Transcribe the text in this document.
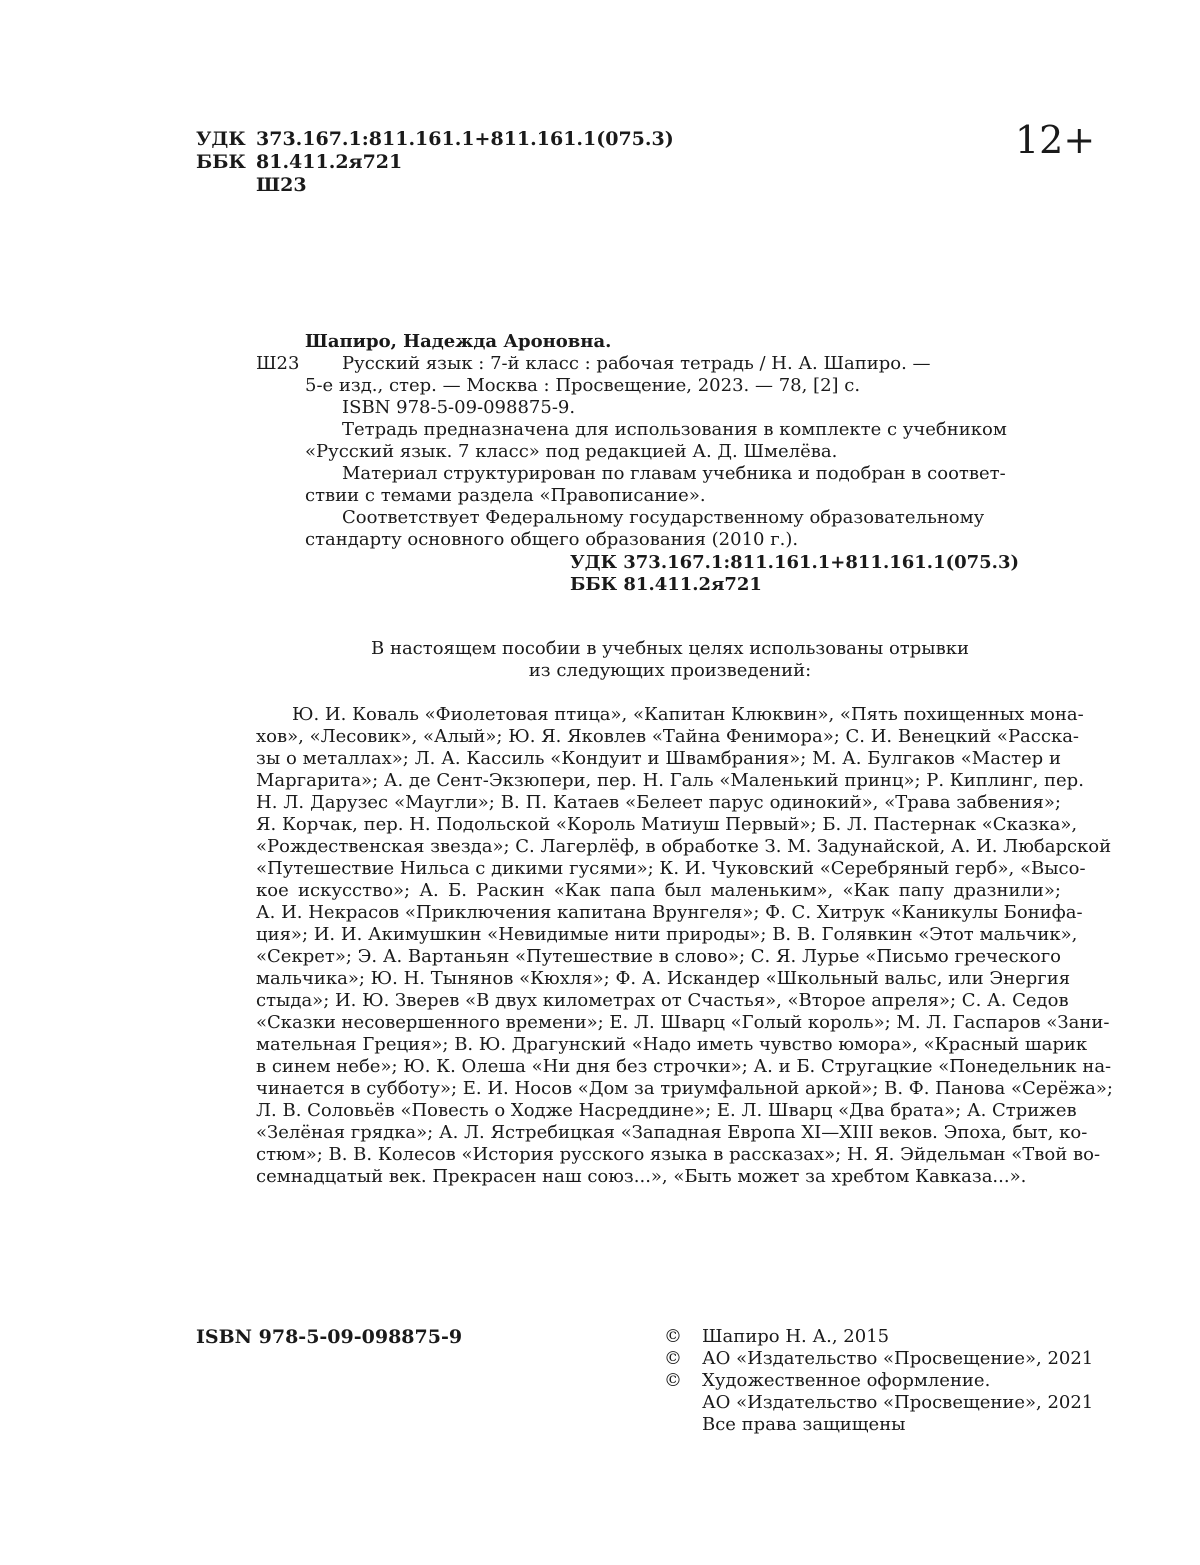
УДК 373.167.1:811.161.1+811.161.1(075.3)
ББК 81.411.2я721
Ш23
12+
Шапиро, Надежда Ароновна.
Ш23 Русский язык : 7-й класс : рабочая тетрадь / Н. А. Шапиро. —
5-е изд., стер. — Москва : Просвещение, 2023. — 78, [2] с.
ISBN 978-5-09-098875-9.
Тетрадь предназначена для использования в комплекте с учебником
«Русский язык. 7 класс» под редакцией А. Д. Шмелёва.
Материал структурирован по главам учебника и подобран в соответ-
ствии с темами раздела «Правописание».
Соответствует Федеральному государственному образовательному
стандарту основного общего образования (2010 г.).
УДК 373.167.1:811.161.1+811.161.1(075.3)
ББК 81.411.2я721
В настоящем пособии в учебных целях использованы отрывки
из следующих произведений:
Ю. И. Коваль «Фиолетовая птица», «Капитан Клюквин», «Пять похищенных мона-
хов», «Лесовик», «Алый»; Ю. Я. Яковлев «Тайна Фенимора»; С. И. Венецкий «Расска-
зы о металлах»; Л. А. Кассиль «Кондуит и Швамбрания»; М. А. Булгаков «Мастер и
Маргарита»; А. де Сент-Экзюпери, пер. Н. Галь «Маленький принц»; Р. Киплинг, пер.
Н. Л. Дарузес «Маугли»; В. П. Катаев «Белеет парус одинокий», «Трава забвения»;
Я. Корчак, пер. Н. Подольской «Король Матиуш Первый»; Б. Л. Пастернак «Сказка»,
«Рождественская звезда»; С. Лагерлёф, в обработке З. М. Задунайской, А. И. Любарской
«Путешествие Нильса с дикими гусями»; К. И. Чуковский «Серебряный герб», «Высо-
кое искусство»; А. Б. Раскин «Как папа был маленьким», «Как папу дразнили»;
А. И. Некрасов «Приключения капитана Врунгеля»; Ф. С. Хитрук «Каникулы Бонифа-
ция»; И. И. Акимушкин «Невидимые нити природы»; В. В. Голявкин «Этот мальчик»,
«Секрет»; Э. А. Вартаньян «Путешествие в слово»; С. Я. Лурье «Письмо греческого
мальчика»; Ю. Н. Тынянов «Кюхля»; Ф. А. Искандер «Школьный вальс, или Энергия
стыда»; И. Ю. Зверев «В двух километрах от Счастья», «Второе апреля»; С. А. Седов
«Сказки несовершенного времени»; Е. Л. Шварц «Голый король»; М. Л. Гаспаров «Зани-
мательная Греция»; В. Ю. Драгунский «Надо иметь чувство юмора», «Красный шарик
в синем небе»; Ю. К. Олеша «Ни дня без строчки»; А. и Б. Стругацкие «Понедельник на-
чинается в субботу»; Е. И. Носов «Дом за триумфальной аркой»; В. Ф. Панова «Серёжа»;
Л. В. Соловьёв «Повесть о Ходже Насреддине»; Е. Л. Шварц «Два брата»; А. Стрижев
«Зелёная грядка»; А. Л. Ястребицкая «Западная Европа XI—XIII веков. Эпоха, быт, ко-
стюм»; В. В. Колесов «История русского языка в рассказах»; Н. Я. Эйдельман «Твой во-
семнадцатый век. Прекрасен наш союз...», «Быть может за хребтом Кавказа...».
ISBN 978-5-09-098875-9	© Шапиро Н. А., 2015
© АО «Издательство «Просвещение», 2021
© Художественное оформление.
АО «Издательство «Просвещение», 2021
Все права защищены
